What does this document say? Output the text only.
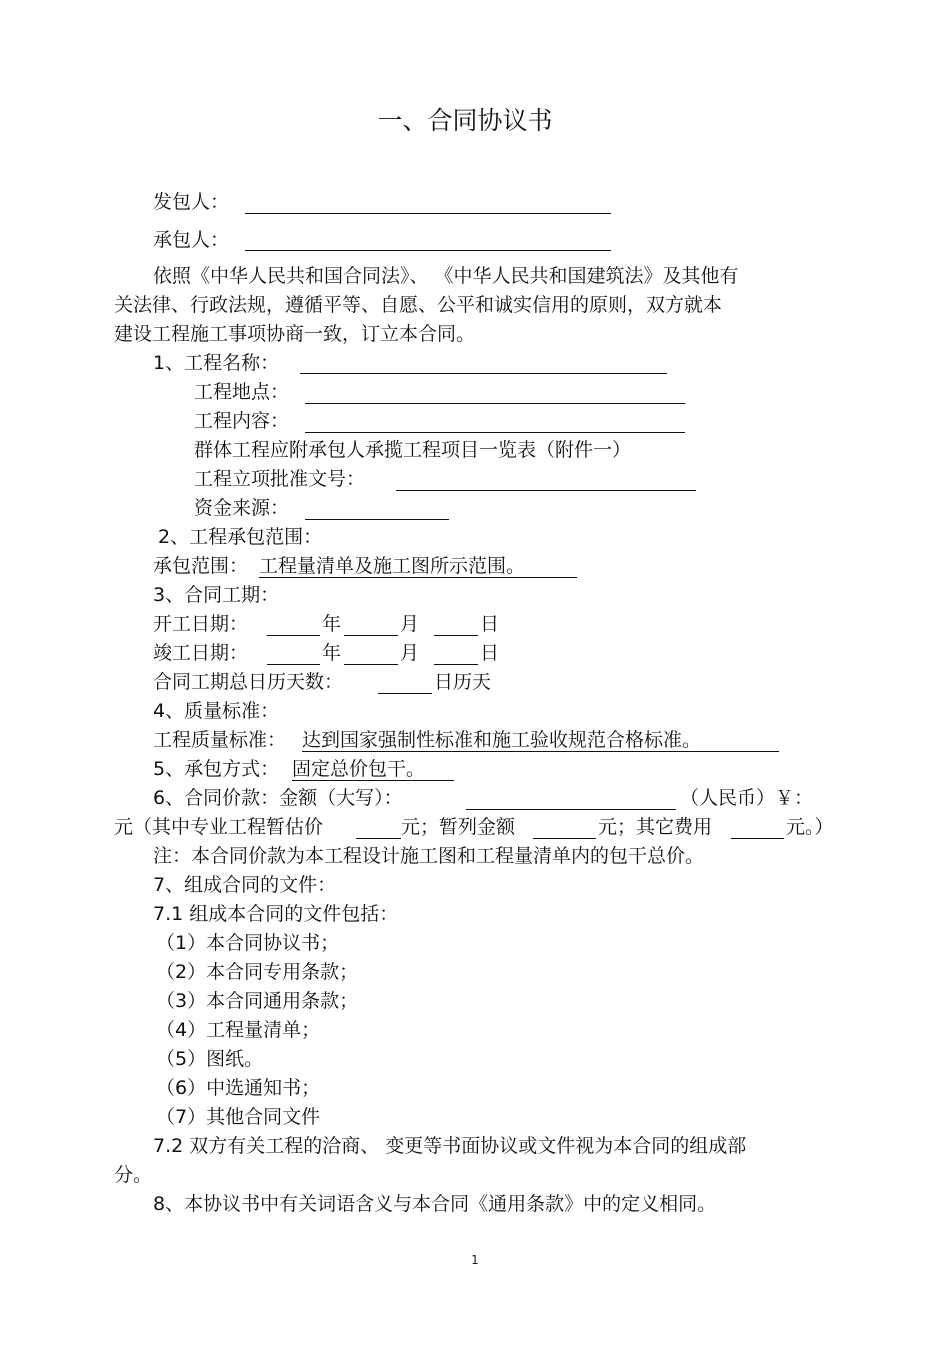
一、合同协议书
发包人：
承包人：
依照《中华人民共和国合同法》、 《中华人民共和国建筑法》及其他有
关法律、行政法规，遵循平等、自愿、公平和诚实信用的原则，双方就本
建设工程施工事项协商一致，订立本合同。
1、工程名称：
工程地点：
工程内容：
群体工程应附承包人承揽工程项目一览表（附件一）
工程立项批准文号：
资金来源：
2、工程承包范围：
承包范围： 工程量清单及施工图所示范围。
3、合同工期：
开工日期：	年	月	日
竣工日期：	年	月	日
合同工期总日历天数：	日历天
4、质量标准：
工程质量标准： 达到国家强制性标准和施工验收规范合格标准。
5、承包方式： 固定总价包干。
6、合同价款：金额（大写）：	（人民币）￥：
元（其中专业工程暂估价	元；暂列金额	元；其它费用	元。）
注：本合同价款为本工程设计施工图和工程量清单内的包干总价。
7、组成合同的文件：
7.1 组成本合同的文件包括：
（1）本合同协议书；
（2）本合同专用条款；
（3）本合同通用条款；
（4）工程量清单；
（5）图纸。
（6）中选通知书；
（7）其他合同文件
7.2 双方有关工程的洽商、 变更等书面协议或文件视为本合同的组成部
分。
8、本协议书中有关词语含义与本合同《通用条款》中的定义相同。
1
